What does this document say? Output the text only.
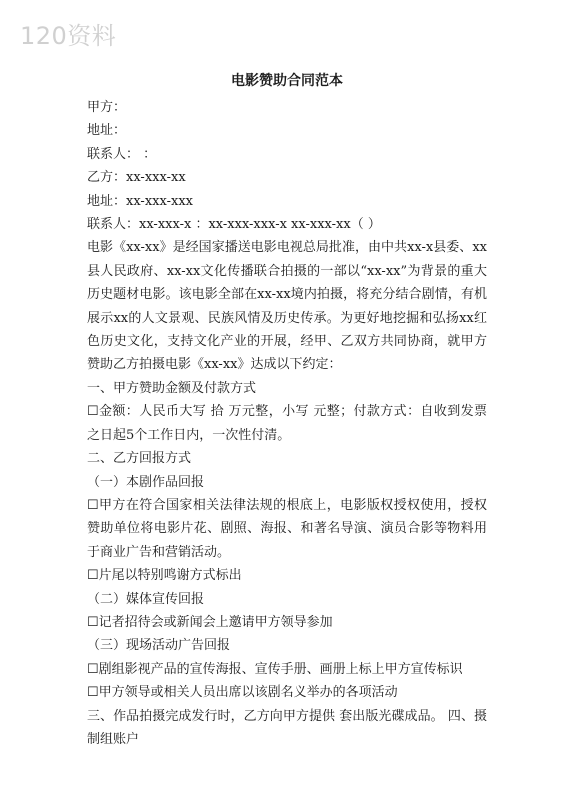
120资料
电影赞助合同范本
甲方：
地址：
联系人： ：
乙方：xx-xxx-xx
地址：xx-xxx-xxx
联系人：xx-xxx-x ：xx-xxx-xxx-x xx-xxx-xx（ ）
电影《xx-xx》是经国家播送电影电视总局批准，由中共xx-x县委、xx县人民政府、xx-xx文化传播联合拍摄的一部以“xx-xx”为背景的重大历史题材电影。该电影全部在xx-xx境内拍摄，将充分结合剧情，有机展示xx的人文景观、民族风情及历史传承。为更好地挖掘和弘扬xx红色历史文化，支持文化产业的开展，经甲、乙双方共同协商，就甲方赞助乙方拍摄电影《xx-xx》达成以下约定：
一、甲方赞助金额及付款方式
☐金额：人民币大写 拾 万元整，小写 元整；付款方式：自收到发票之日起5个工作日内，一次性付清。
二、乙方回报方式
（一）本剧作品回报
☐甲方在符合国家相关法律法规的根底上，电影版权授权使用，授权赞助单位将电影片花、剧照、海报、和著名导演、演员合影等物料用于商业广告和营销活动。
☐片尾以特别鸣谢方式标出
（二）媒体宣传回报
☐记者招待会或新闻会上邀请甲方领导参加
（三）现场活动广告回报
☐剧组影视产品的宣传海报、宣传手册、画册上标上甲方宣传标识
☐甲方领导或相关人员出席以该剧名义举办的各项活动
三、作品拍摄完成发行时，乙方向甲方提供 套出版光碟成品。 四、摄制组账户
